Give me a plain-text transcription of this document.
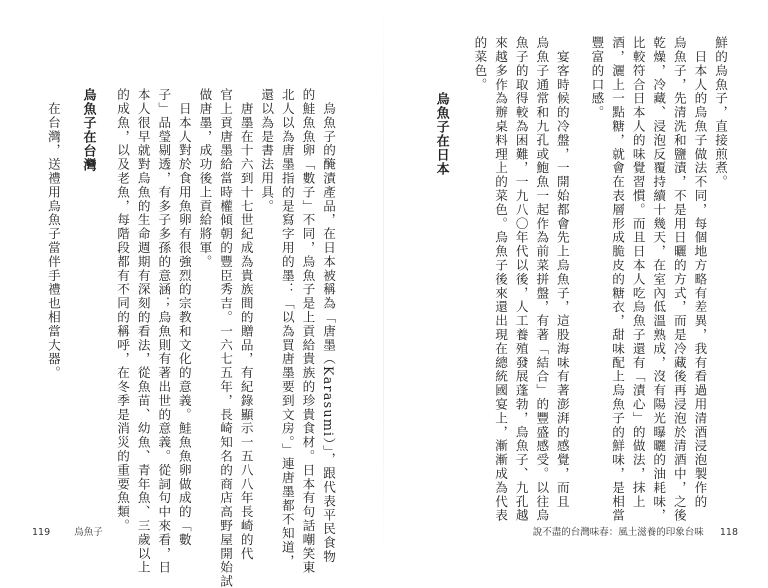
　烏魚子的醃漬產品，在日本被稱為「唐墨（Karasumi）」，跟代表平民食物
的鮭魚魚卵「數子」不同，烏魚子是上貢給貴族的珍貴食材。日本有句話嘲笑東
北人以為唐墨指的是寫字用的墨：「以為買唐墨要到文房。」連唐墨都不知道，
還以為是書法用具。
　唐墨在十六到十七世紀成為貴族間的贈品，有紀錄顯示一五八八年長崎的代
官上貢唐墨給當時權傾朝的豐臣秀吉。一六七五年，長崎知名的商店高野屋開始試
做唐墨，成功後上貢給將軍。
　日本人對於食用魚卵有很強烈的宗教和文化的意義。鮭魚魚卵做成的「數
子」品瑩剔透，有多子多孫的意涵；烏魚則有著出世的意義。從詞句中來看，日
本人很早就對烏魚的生命週期有深刻的看法，從魚苗、幼魚、青年魚、三歲以上
的成魚，以及老魚，每階段都有不同的稱呼，在冬季是消災的重要魚類。
烏魚子在台灣
　在台灣，送禮用烏魚子當伴手禮也相當大器。
119	烏魚子
鮮的烏魚子，直接煎煮。
　日本人的烏魚子做法不同，每個地方略有差異，我有看過用清酒浸泡製作的
烏魚子，先清洗和鹽漬，不是用日曬的方式，而是冷藏後再浸泡於清酒中，之後
乾燥，冷藏、浸泡反覆持續十幾天，在室內低溫熟成，沒有陽光曝曬的油耗味，
比較符合日本人的味覺習慣。而且日本人吃烏魚子還有「漬心」的做法，抹上
酒，灑上一點糖，就會在表層形成脆皮的糖衣，甜味配上烏魚子的鮮味，是相當
豐富的口感。
　宴客時候的冷盤，一開始都會先上烏魚子，這股海味有著澎湃的感覺，而且
烏魚子通常和九孔或鮑魚一起作為前菜拼盤，有著「結合」的豐盛感受。以往烏
魚子的取得較為困難，一九八〇年代以後，人工養殖發展蓬勃，烏魚子、九孔越
來越多作為辦桌料理上的菜色。烏魚子後來還出現在總統國宴上，漸漸成為代表
的菜色。
烏魚子在日本
說不盡的台灣味春：風土滋養的印象台味 118
